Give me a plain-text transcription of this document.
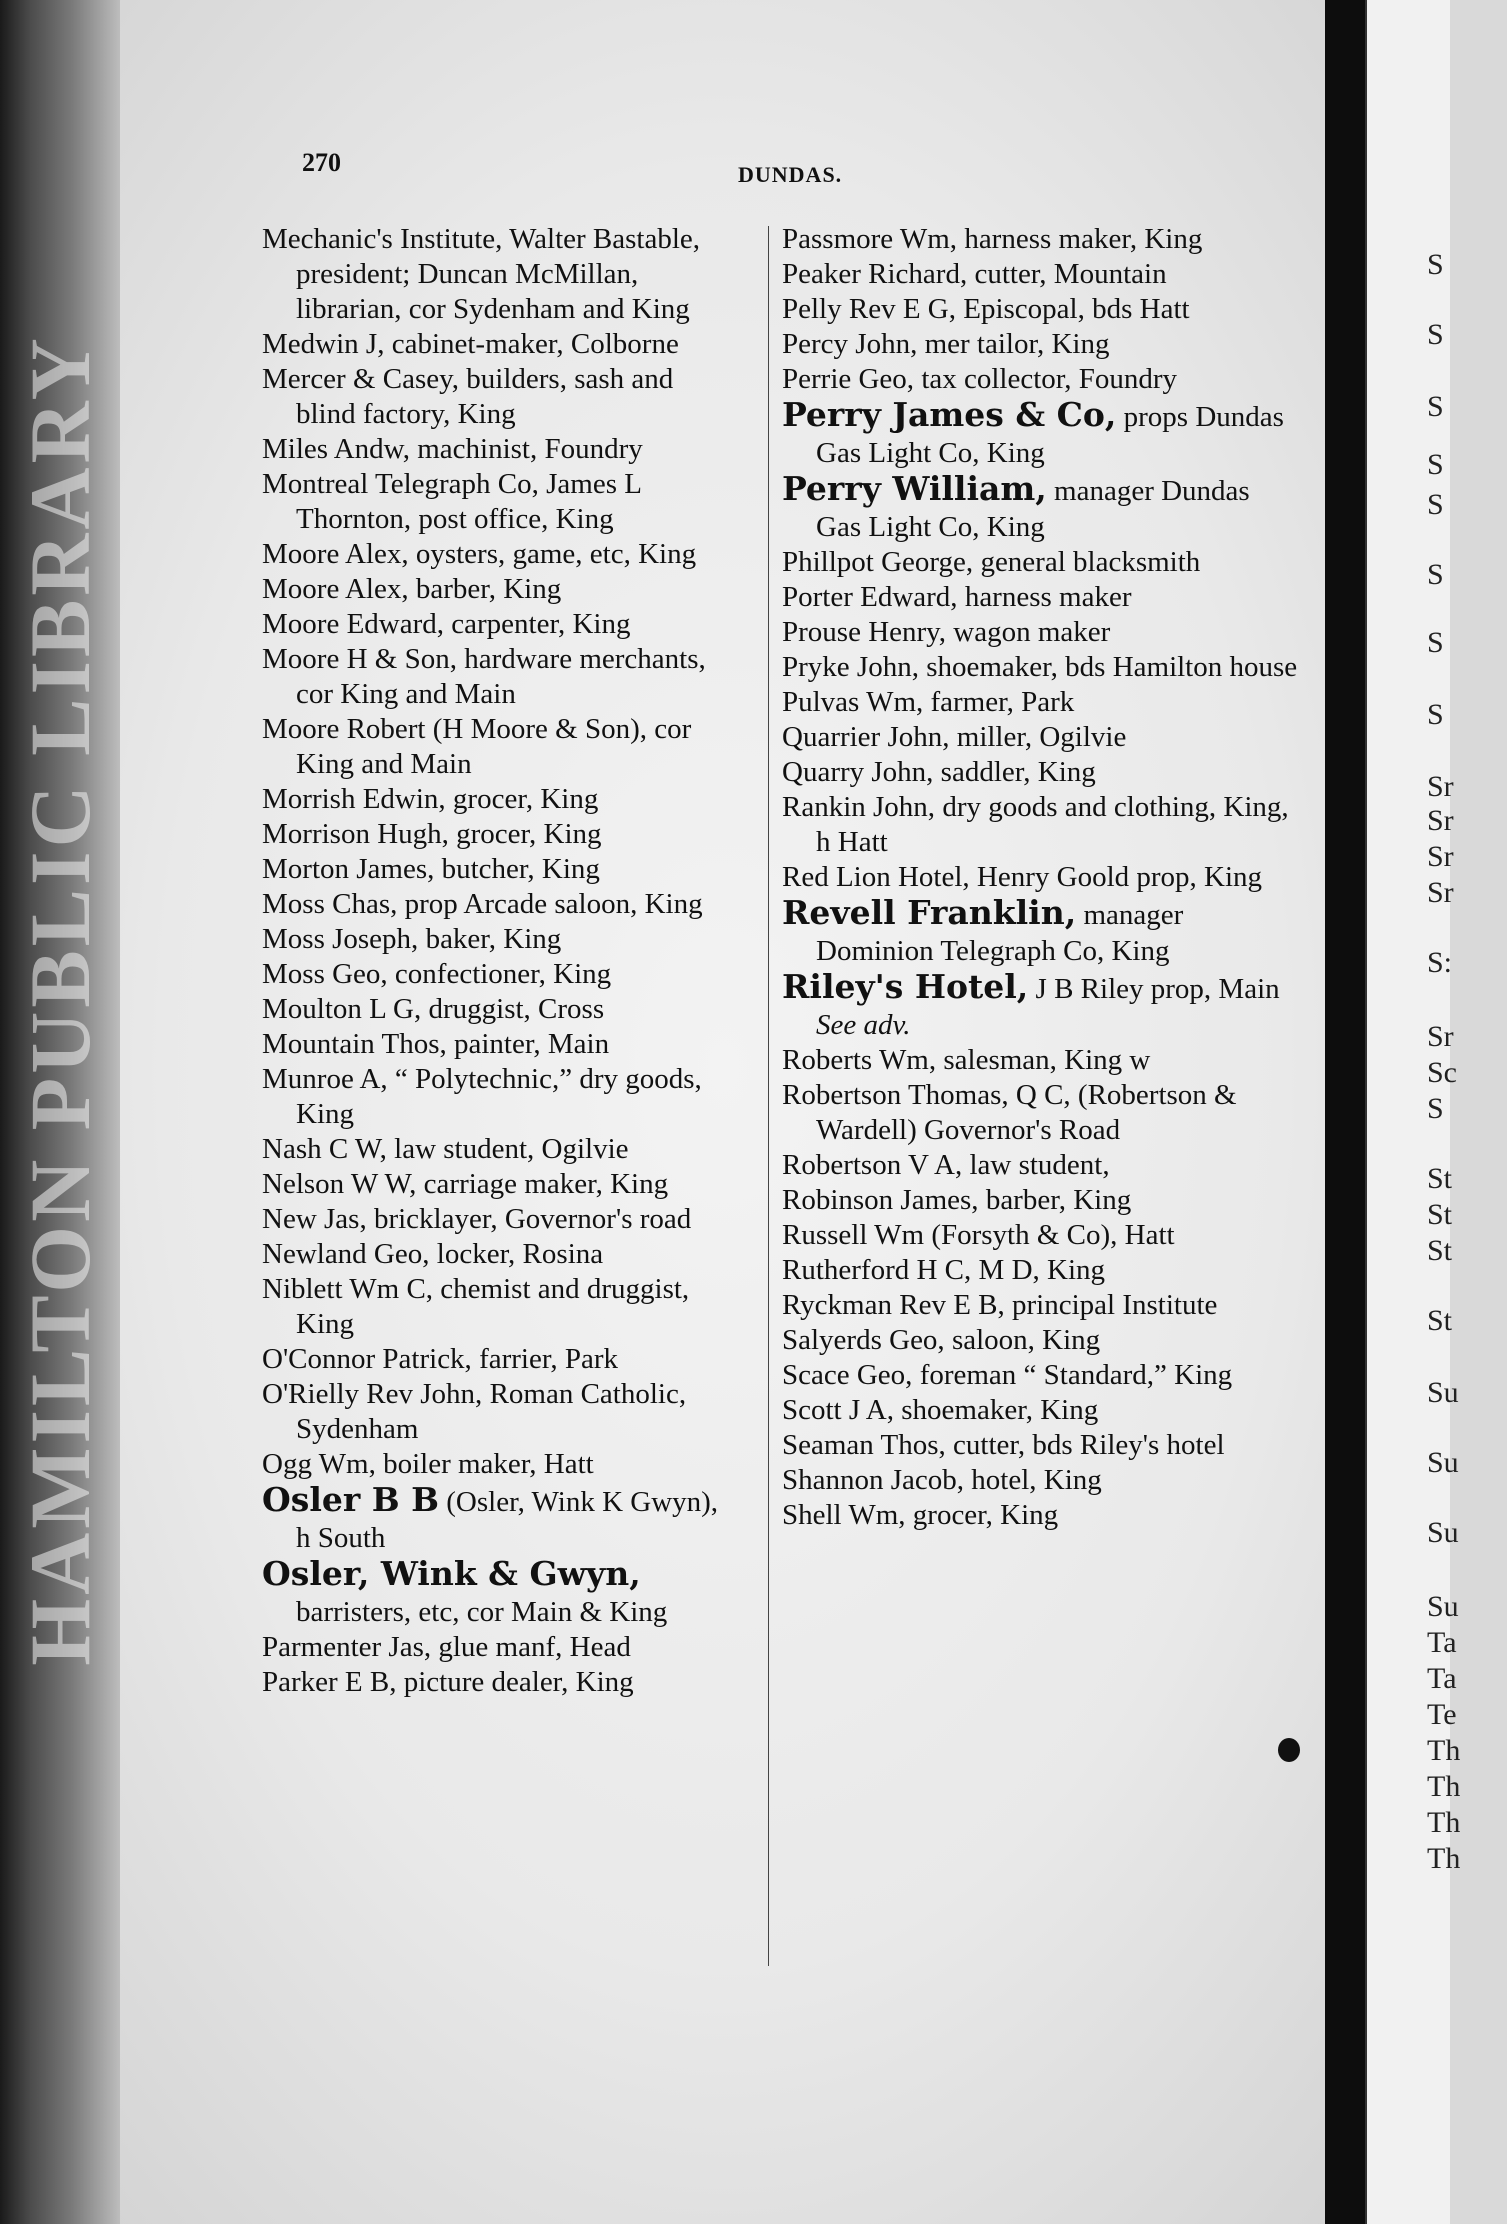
HAMILTON PUBLIC LIBRARY
S
S
S
S
S
S
S
S
Sr
Sr
Sr
Sr
S:
Sr
Sc
S
St
St
St
St
Su
Su
Su
Su
Ta
Ta
Te
Th
Th
Th
Th
270	DUNDAS.

Mechanic's Institute, Walter Bastable, president; Duncan McMillan, librarian, cor Sydenham and King

Medwin J, cabinet-maker, Colborne

Mercer & Casey, builders, sash and blind factory, King

Miles Andw, machinist, Foundry

Montreal Telegraph Co, James L Thornton, post office, King

Moore Alex, oysters, game, etc, King

Moore Alex, barber, King

Moore Edward, carpenter, King

Moore H & Son, hardware merchants, cor King and Main

Moore Robert (H Moore & Son), cor King and Main

Morrish Edwin, grocer, King

Morrison Hugh, grocer, King

Morton James, butcher, King

Moss Chas, prop Arcade saloon, King

Moss Joseph, baker, King

Moss Geo, confectioner, King

Moulton L G, druggist, Cross

Mountain Thos, painter, Main

Munroe A, “ Polytechnic,” dry goods, King

Nash C W, law student, Ogilvie

Nelson W W, carriage maker, King

New Jas, bricklayer, Governor's road

Newland Geo, locker, Rosina

Niblett Wm C, chemist and druggist, King

O'Connor Patrick, farrier, Park

O'Rielly Rev John, Roman Catholic, Sydenham

Ogg Wm, boiler maker, Hatt

Osler B B (Osler, Wink K Gwyn), h South

Osler, Wink & Gwyn, barristers, etc, cor Main & King

Parmenter Jas, glue manf, Head

Parker E B, picture dealer, King

Passmore Wm, harness maker, King

Peaker Richard, cutter, Mountain

Pelly Rev E G, Episcopal, bds Hatt

Percy John, mer tailor, King

Perrie Geo, tax collector, Foundry

Perry James & Co, props Dundas Gas Light Co, King

Perry William, manager Dundas Gas Light Co, King

Phillpot George, general blacksmith

Porter Edward, harness maker

Prouse Henry, wagon maker

Pryke John, shoemaker, bds Hamilton house

Pulvas Wm, farmer, Park

Quarrier John, miller, Ogilvie

Quarry John, saddler, King

Rankin John, dry goods and clothing, King, h Hatt

Red Lion Hotel, Henry Goold prop, King

Revell Franklin, manager Dominion Telegraph Co, King

Riley's Hotel, J B Riley prop, Main See adv.

Roberts Wm, salesman, King w

Robertson Thomas, Q C, (Robertson & Wardell) Governor's Road

Robertson V A, law student,

Robinson James, barber, King

Russell Wm (Forsyth & Co), Hatt

Rutherford H C, M D, King

Ryckman Rev E B, principal Institute

Salyerds Geo, saloon, King

Scace Geo, foreman “ Standard,” King

Scott J A, shoemaker, King

Seaman Thos, cutter, bds Riley's hotel

Shannon Jacob, hotel, King

Shell Wm, grocer, King
